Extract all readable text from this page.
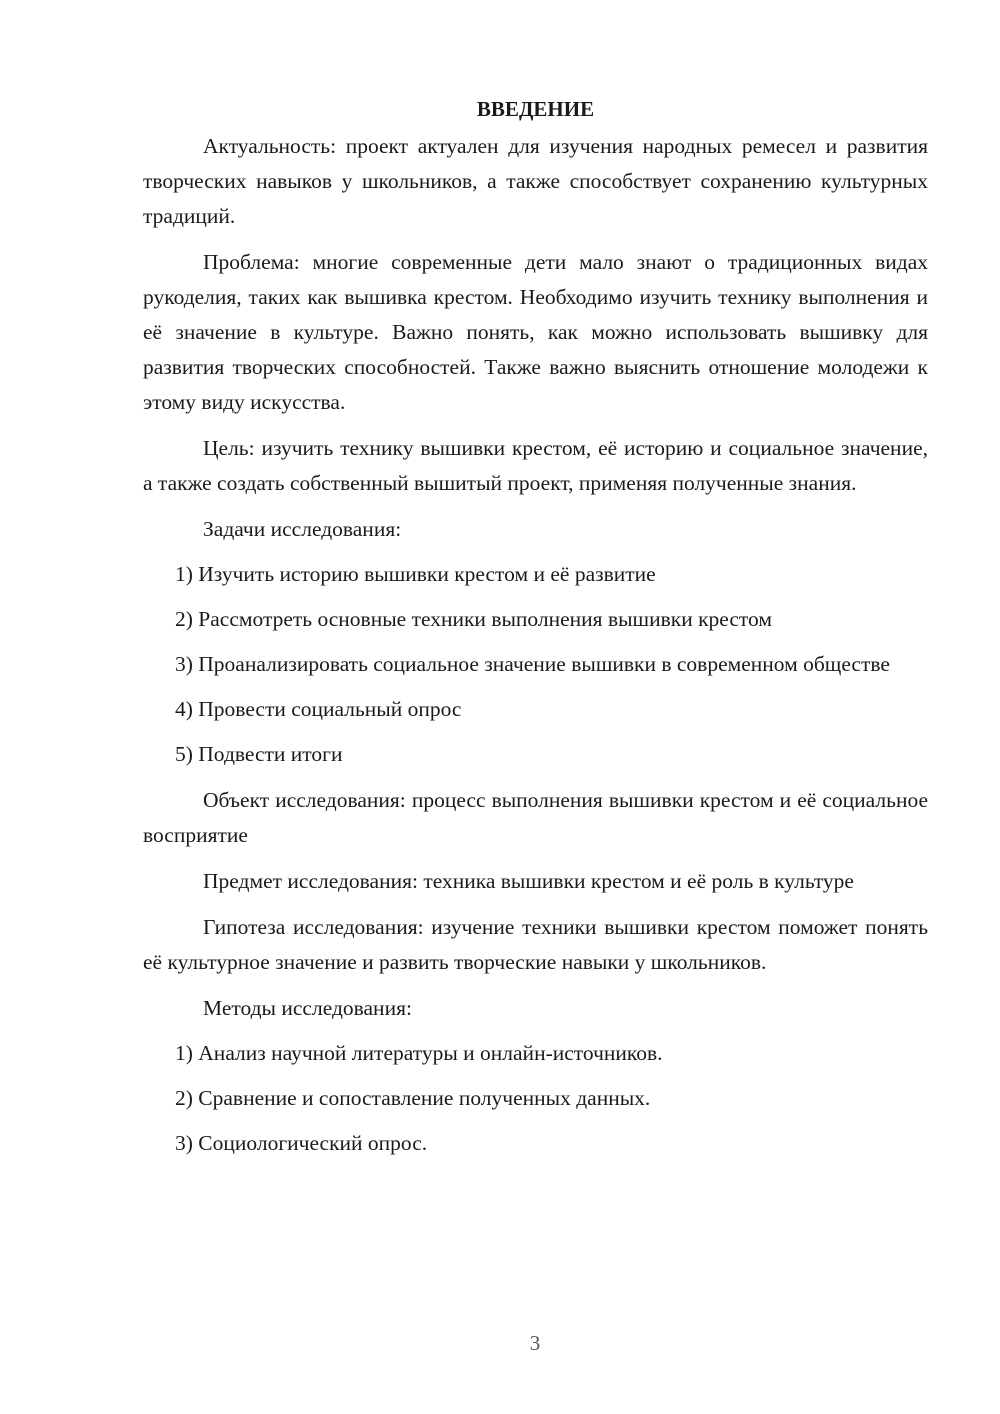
ВВЕДЕНИЕ

Актуальность: проект актуален для изучения народных ремесел и развития творческих навыков у школьников, а также способствует сохранению культурных традиций.

Проблема: многие современные дети мало знают о традиционных видах рукоделия, таких как вышивка крестом. Необходимо изучить технику выполнения и её значение в культуре. Важно понять, как можно использовать вышивку для развития творческих способностей. Также важно выяснить отношение молодежи к этому виду искусства.

Цель: изучить технику вышивки крестом, её историю и социальное значение, а также создать собственный вышитый проект, применяя полученные знания.

Задачи исследования:

1) Изучить историю вышивки крестом и её развитие

2) Рассмотреть основные техники выполнения вышивки крестом

3) Проанализировать социальное значение вышивки в современном обществе

4) Провести социальный опрос

5) Подвести итоги

Объект исследования: процесс выполнения вышивки крестом и её социальное восприятие

Предмет исследования: техника вышивки крестом и её роль в культуре

Гипотеза исследования: изучение техники вышивки крестом поможет понять её культурное значение и развить творческие навыки у школьников.

Методы исследования:

1) Анализ научной литературы и онлайн-источников.

2) Сравнение и сопоставление полученных данных.

3) Социологический опрос.

3
